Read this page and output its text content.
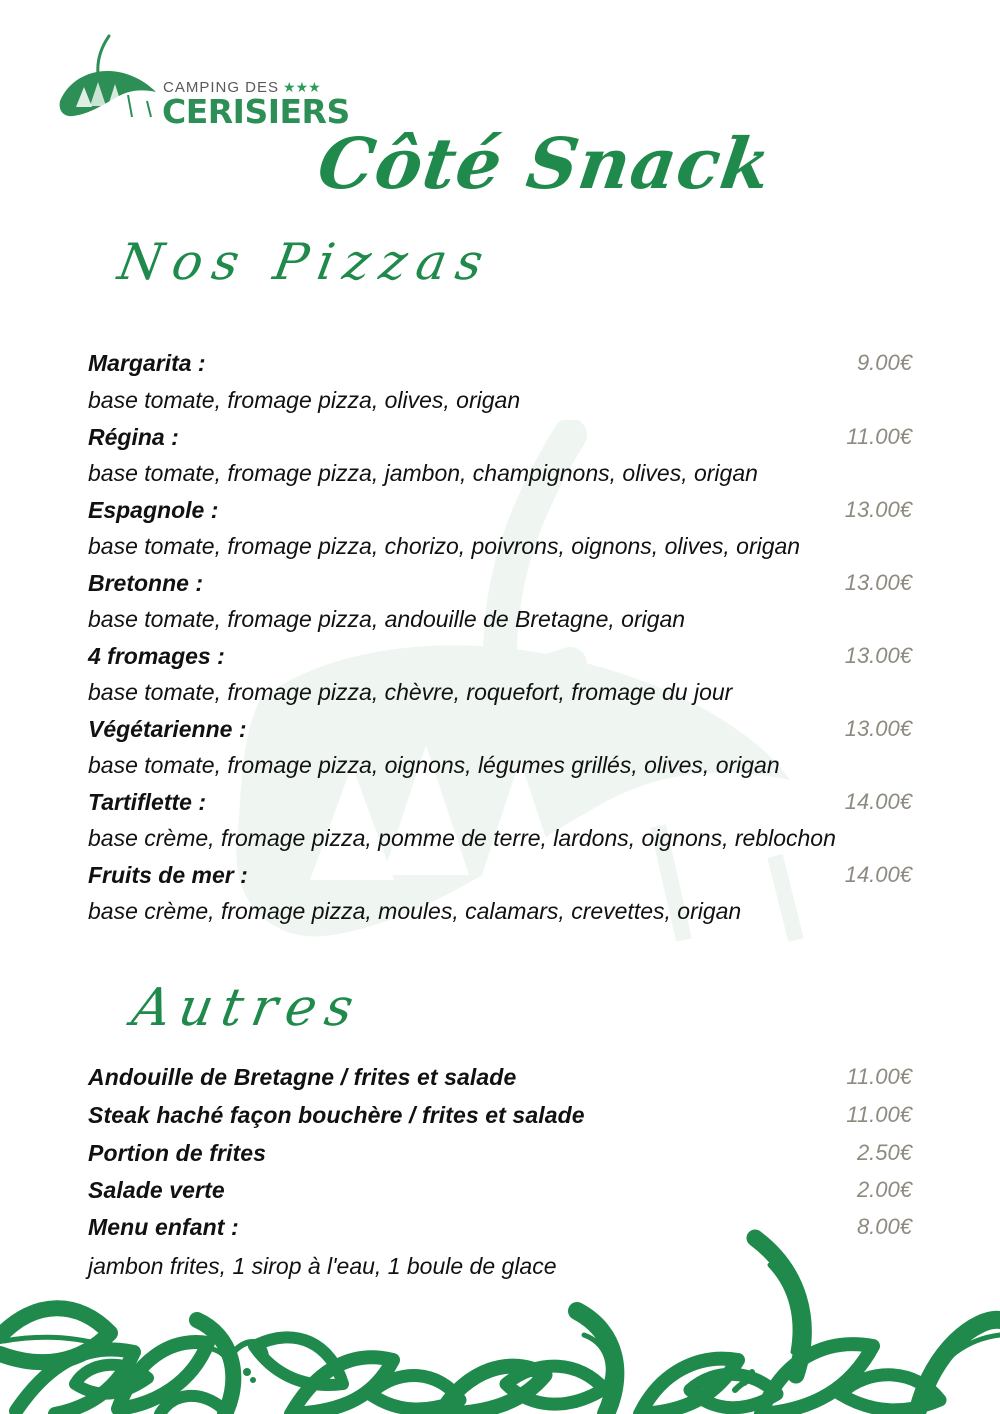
CAMPING DES ★★★
CERISIERS
Côté Snack
Nos Pizzas
Margarita :	9.00€
base tomate, fromage pizza, olives, origan
Régina :	11.00€
base tomate, fromage pizza, jambon, champignons, olives, origan
Espagnole :	13.00€
base tomate, fromage pizza, chorizo, poivrons, oignons, olives, origan
Bretonne :	13.00€
base tomate, fromage pizza, andouille de Bretagne, origan
4 fromages :	13.00€
base tomate, fromage pizza, chèvre, roquefort, fromage du jour
Végétarienne :	13.00€
base tomate, fromage pizza, oignons, légumes grillés, olives, origan
Tartiflette :	14.00€
base crème, fromage pizza, pomme de terre, lardons, oignons, reblochon
Fruits de mer :	14.00€
base crème, fromage pizza, moules, calamars, crevettes, origan
Autres
Andouille de Bretagne / frites et salade	11.00€
Steak haché façon bouchère / frites et salade	11.00€
Portion de frites	2.50€
Salade verte	2.00€
Menu enfant :	8.00€
jambon frites, 1 sirop à l'eau, 1 boule de glace
